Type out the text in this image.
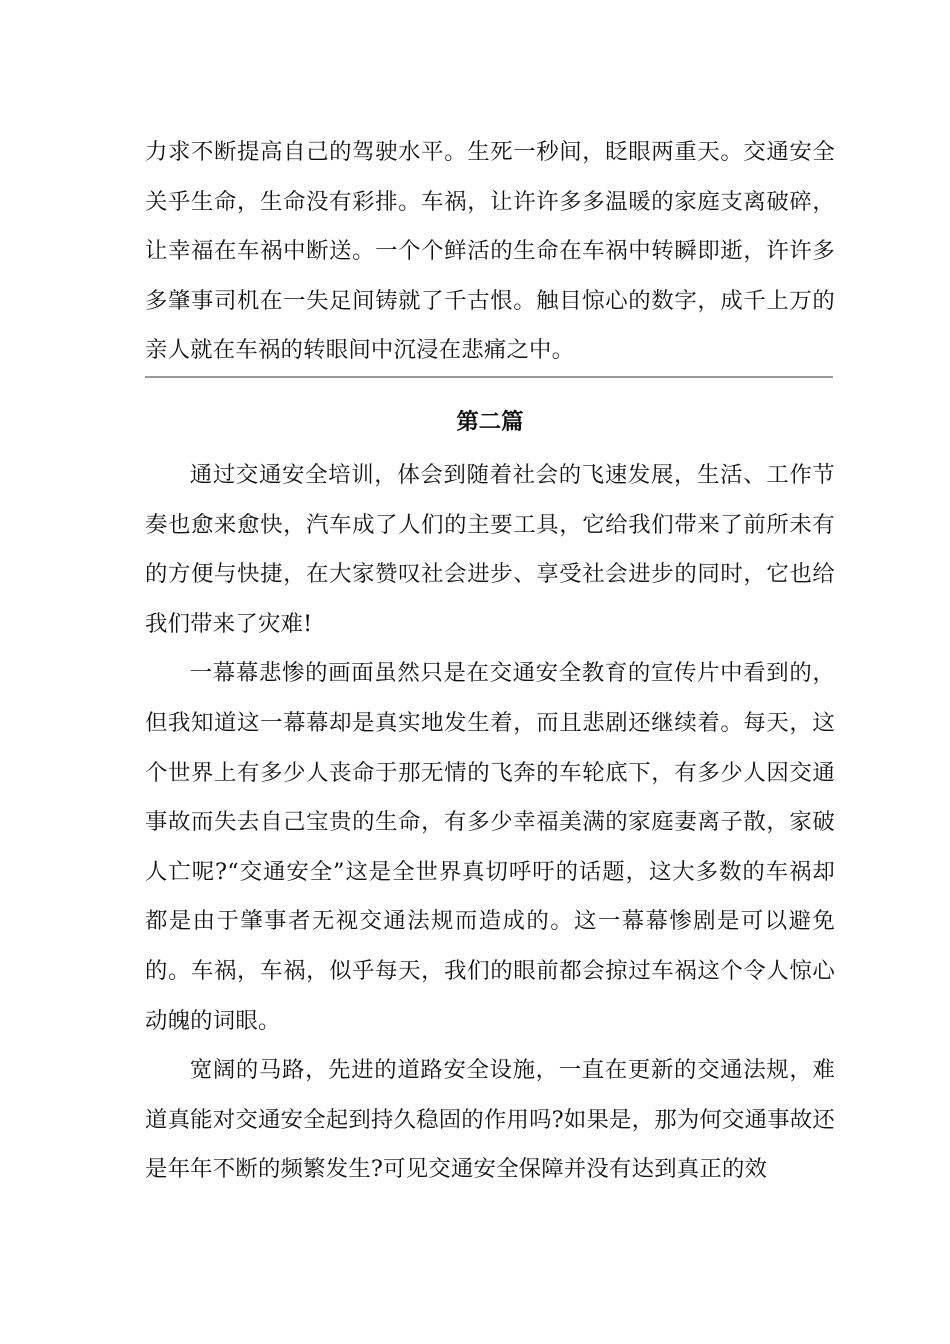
力求不断提高自己的驾驶水平。生死一秒间，眨眼两重天。交通安全关乎生命，生命没有彩排。车祸，让许许多多温暖的家庭支离破碎，让幸福在车祸中断送。一个个鲜活的生命在车祸中转瞬即逝，许许多多肇事司机在一失足间铸就了千古恨。触目惊心的数字，成千上万的亲人就在车祸的转眼间中沉浸在悲痛之中。

第二篇

通过交通安全培训，体会到随着社会的飞速发展，生活、工作节奏也愈来愈快，汽车成了人们的主要工具，它给我们带来了前所未有的方便与快捷，在大家赞叹社会进步、享受社会进步的同时，它也给我们带来了灾难!

一幕幕悲惨的画面虽然只是在交通安全教育的宣传片中看到的，但我知道这一幕幕却是真实地发生着，而且悲剧还继续着。每天，这个世界上有多少人丧命于那无情的飞奔的车轮底下，有多少人因交通事故而失去自己宝贵的生命，有多少幸福美满的家庭妻离子散，家破人亡呢?“交通安全”这是全世界真切呼吁的话题，这大多数的车祸却都是由于肇事者无视交通法规而造成的。这一幕幕惨剧是可以避免的。车祸，车祸，似乎每天，我们的眼前都会掠过车祸这个令人惊心动魄的词眼。

宽阔的马路，先进的道路安全设施，一直在更新的交通法规，难道真能对交通安全起到持久稳固的作用吗?如果是，那为何交通事故还是年年不断的频繁发生?可见交通安全保障并没有达到真正的效
